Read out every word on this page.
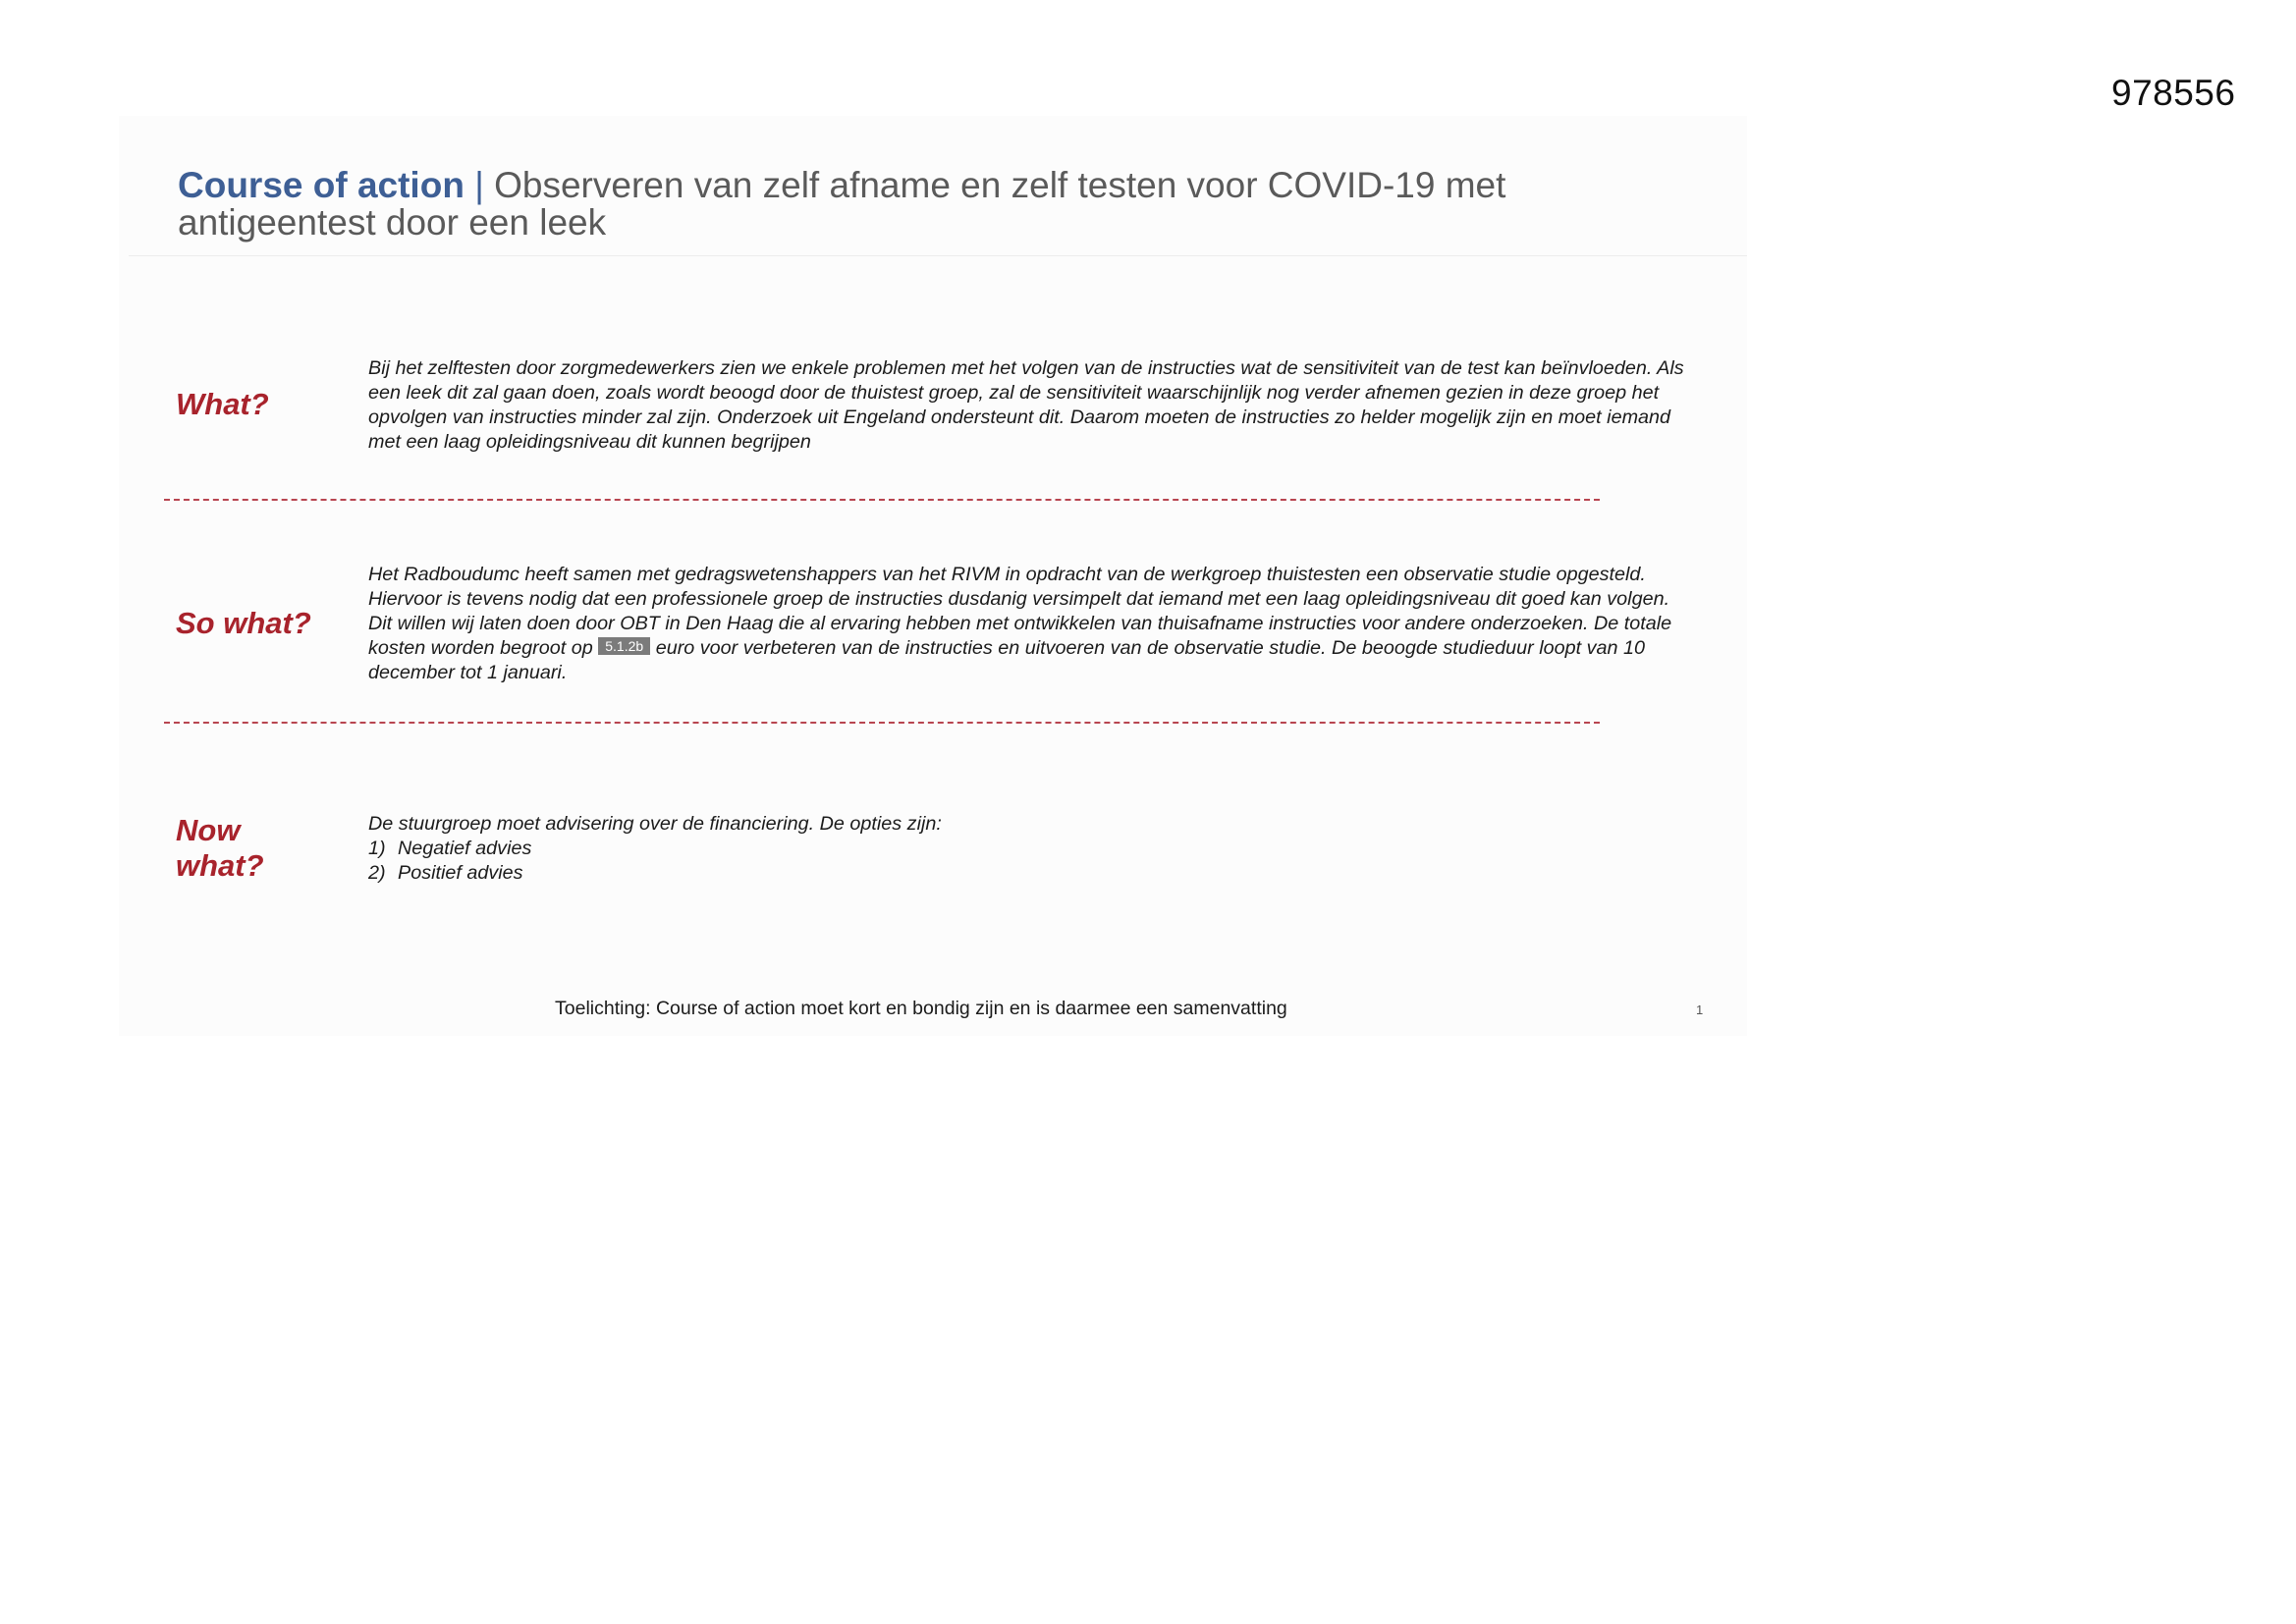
978556
Course of action | Observeren van zelf afname en zelf testen voor COVID-19 met antigeentest door een leek
What?
Bij het zelftesten door zorgmedewerkers zien we enkele problemen met het volgen van de instructies wat de sensitiviteit van de test kan beïnvloeden. Als een leek dit zal gaan doen, zoals wordt beoogd door de thuistest groep, zal de sensitiviteit waarschijnlijk nog verder afnemen gezien in deze groep het opvolgen van instructies minder zal zijn. Onderzoek uit Engeland ondersteunt dit. Daarom moeten de instructies zo helder mogelijk zijn en moet iemand met een laag opleidingsniveau dit kunnen begrijpen
So what?
Het Radboudumc heeft samen met gedragswetenshappers van het RIVM in opdracht van de werkgroep thuistesten een observatie studie opgesteld. Hiervoor is tevens nodig dat een professionele groep de instructies dusdanig versimpelt dat iemand met een laag opleidingsniveau dit goed kan volgen. Dit willen wij laten doen door OBT in Den Haag die al ervaring hebben met ontwikkelen van thuisafname instructies voor andere onderzoeken. De totale kosten worden begroot op 5.1.2b euro voor verbeteren van de instructies en uitvoeren van de observatie studie. De beoogde studieduur loopt van 10 december tot 1 januari.
Now
what?
De stuurgroep moet advisering over de financiering. De opties zijn:
1) Negatief advies
2) Positief advies
Toelichting: Course of action moet kort en bondig zijn en is daarmee een samenvatting	1
